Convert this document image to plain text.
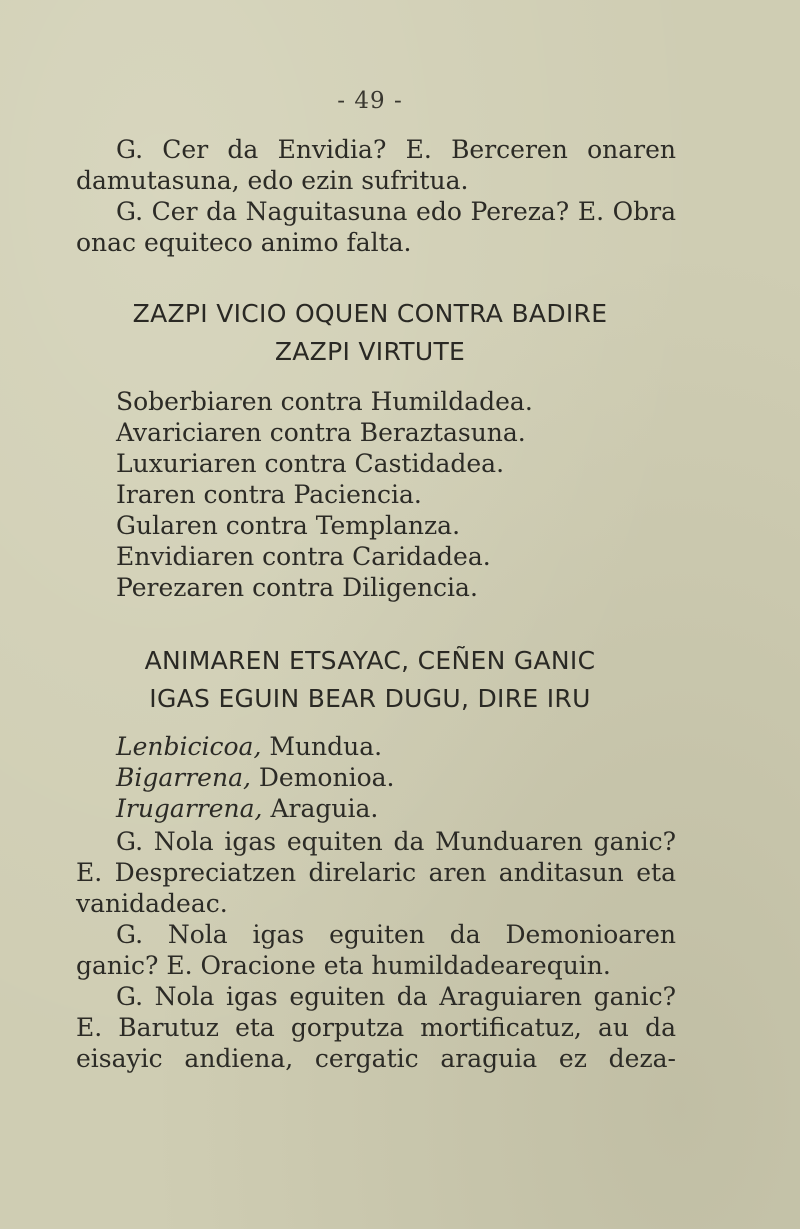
- 49 -

G. Cer da Envidia? E. Berceren onaren damutasuna, edo ezin sufritua.

G. Cer da Naguitasuna edo Pereza? E. Obra onac equiteco animo falta.

ZAZPI VICIO OQUEN CONTRA BADIRE
ZAZPI VIRTUTE
Soberbiaren contra Humildadea.
Avariciaren contra Beraztasuna.
Luxuriaren contra Castidadea.
Iraren contra Paciencia.
Gularen contra Templanza.
Envidiaren contra Caridadea.
Perezaren contra Diligencia.
ANIMAREN ETSAYAC, CEÑEN GANIC
IGAS EGUIN BEAR DUGU, DIRE IRU
Lenbicicoa, Mundua.
Bigarrena, Demonioa.
Irugarrena, Araguia.

G. Nola igas equiten da Munduaren ganic? E. Despreciatzen direlaric aren anditasun eta vanidadeac.

G. Nola igas eguiten da Demonioaren ganic? E. Oracione eta humildadearequin.

G. Nola igas eguiten da Araguiaren ganic? E. Barutuz eta gorputza mortificatuz, au da eisayic andiena, cergatic araguia ez deza-
